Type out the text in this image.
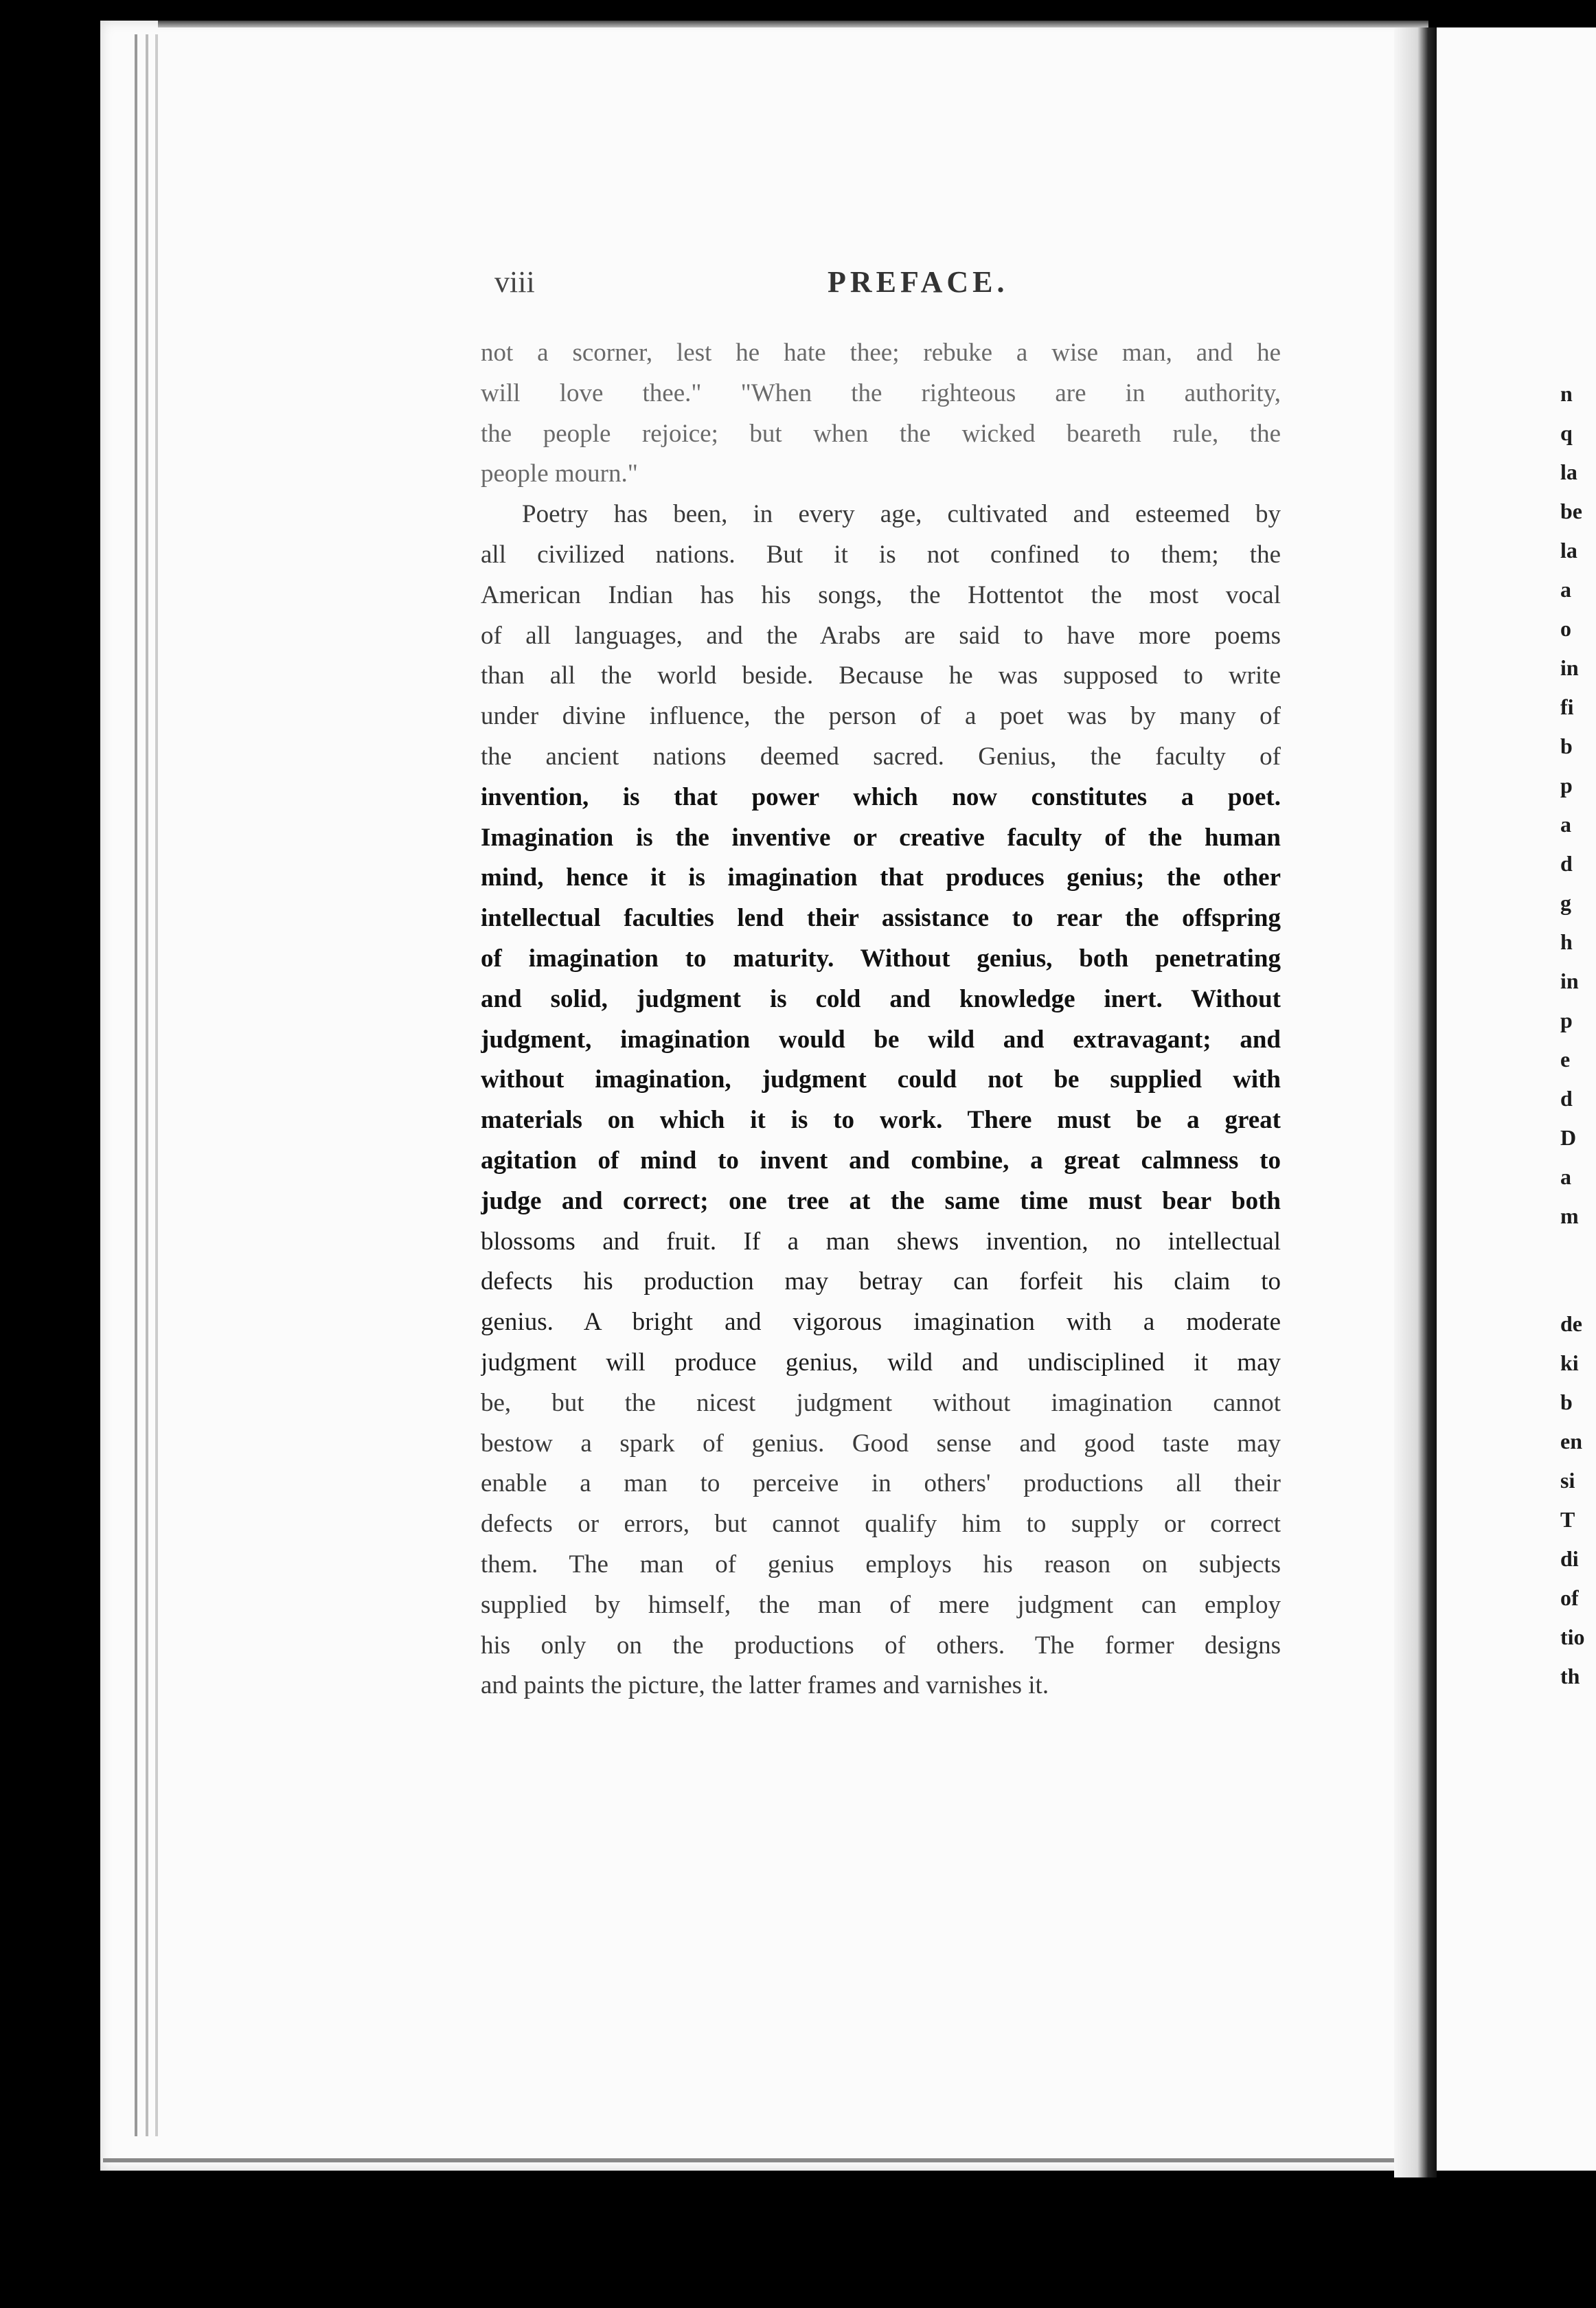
n
q
la
be
la
a
o
in
fi
b
p
a
d
g
h
in
p
e
d
D
a
m
de
ki
b
en
si
T
di
of
tio
th
viii	PREFACE.
not a scorner, lest he hate thee; rebuke a wise man, and he
will love thee." "When the righteous are in authority,
the people rejoice; but when the wicked beareth rule, the
people mourn."
Poetry has been, in every age, cultivated and esteemed by
all civilized nations. But it is not confined to them; the
American Indian has his songs, the Hottentot the most vocal
of all languages, and the Arabs are said to have more poems
than all the world beside. Because he was supposed to write
under divine influence, the person of a poet was by many of
the ancient nations deemed sacred. Genius, the faculty of
invention, is that power which now constitutes a poet.
Imagination is the inventive or creative faculty of the human
mind, hence it is imagination that produces genius; the other
intellectual faculties lend their assistance to rear the offspring
of imagination to maturity. Without genius, both penetrating
and solid, judgment is cold and knowledge inert. Without
judgment, imagination would be wild and extravagant; and
without imagination, judgment could not be supplied with
materials on which it is to work. There must be a great
agitation of mind to invent and combine, a great calmness to
judge and correct; one tree at the same time must bear both
blossoms and fruit. If a man shews invention, no intellectual
defects his production may betray can forfeit his claim to
genius. A bright and vigorous imagination with a moderate
judgment will produce genius, wild and undisciplined it may
be, but the nicest judgment without imagination cannot
bestow a spark of genius. Good sense and good taste may
enable a man to perceive in others' productions all their
defects or errors, but cannot qualify him to supply or correct
them. The man of genius employs his reason on subjects
supplied by himself, the man of mere judgment can employ
his only on the productions of others. The former designs
and paints the picture, the latter frames and varnishes it.
